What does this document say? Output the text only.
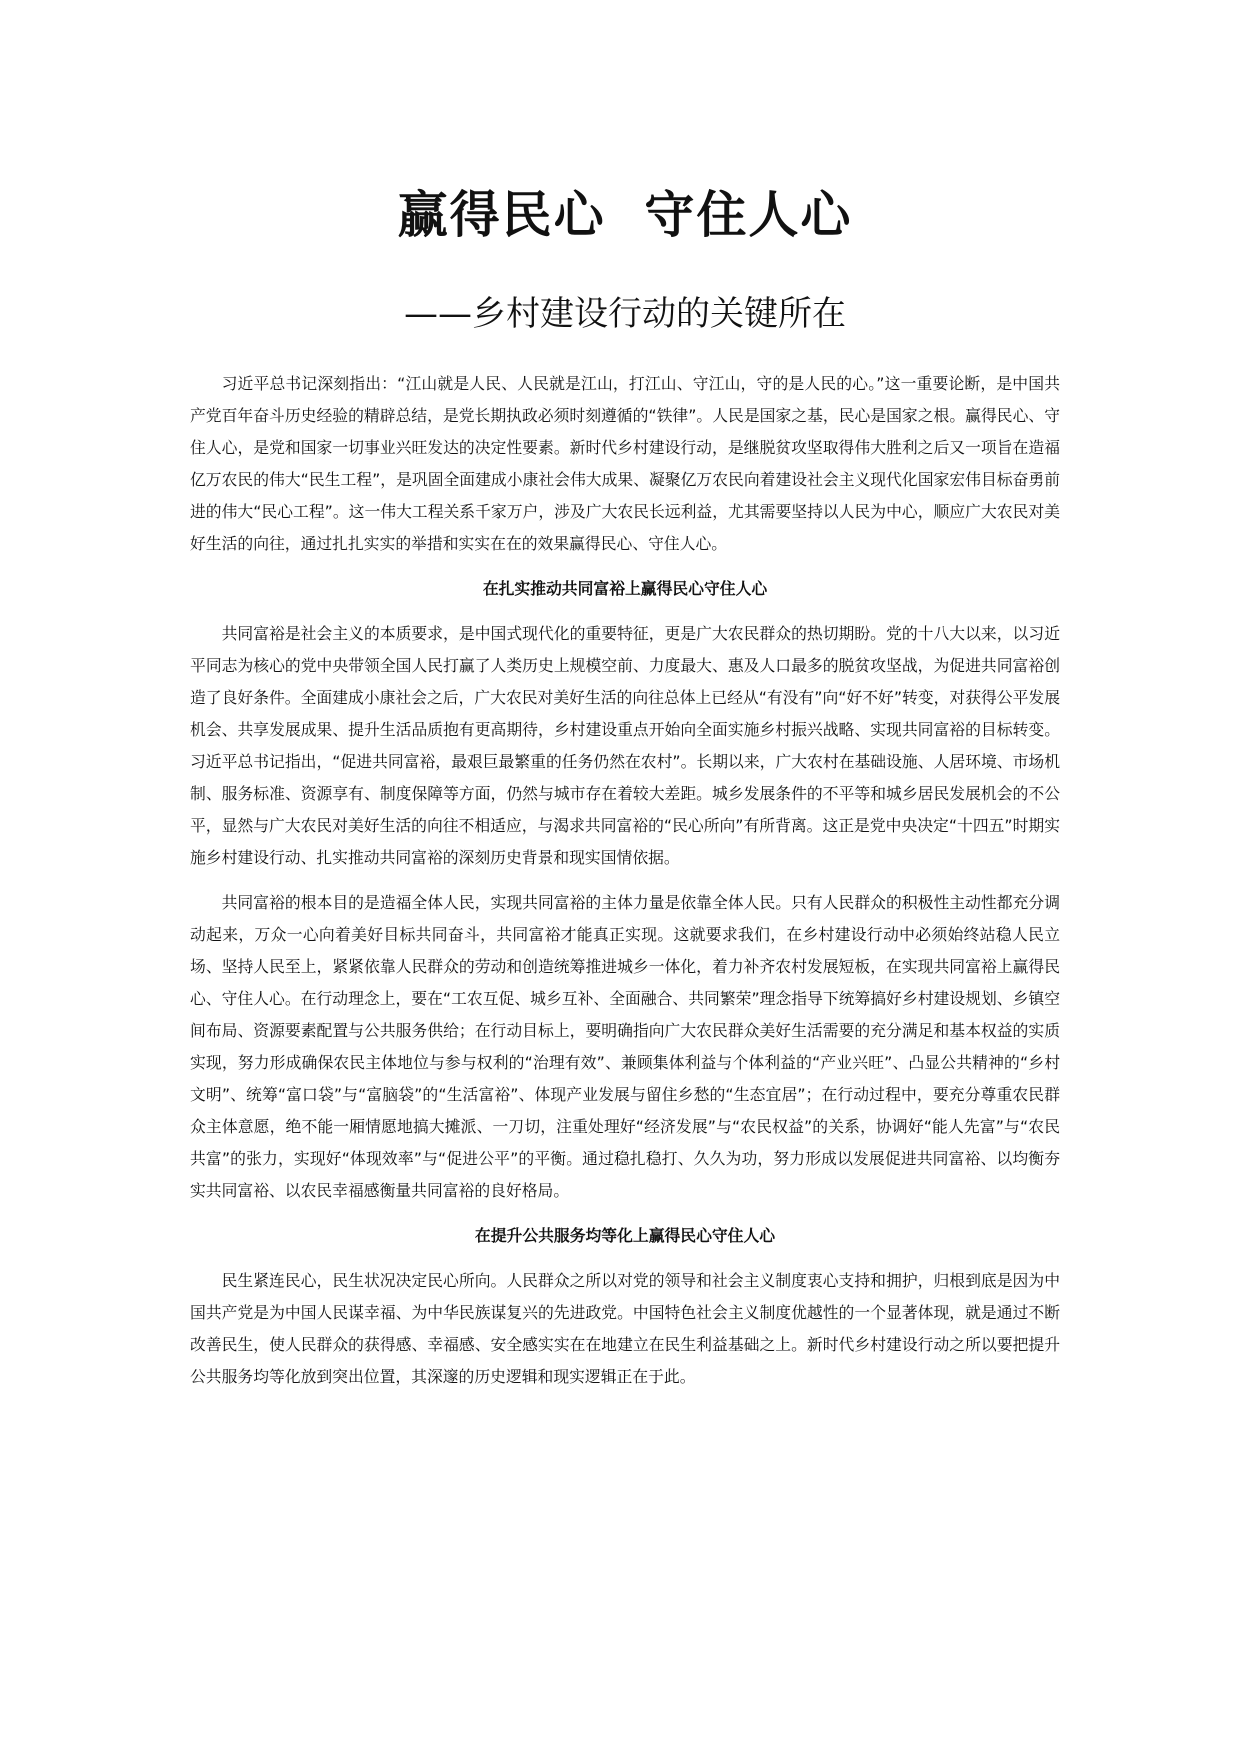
赢得民心  守住人心
——乡村建设行动的关键所在

习近平总书记深刻指出：“江山就是人民、人民就是江山，打江山、守江山，守的是人民的心。”这一重要论断，是中国共产党百年奋斗历史经验的精辟总结，是党长期执政必须时刻遵循的“铁律”。人民是国家之基，民心是国家之根。赢得民心、守住人心，是党和国家一切事业兴旺发达的决定性要素。新时代乡村建设行动，是继脱贫攻坚取得伟大胜利之后又一项旨在造福亿万农民的伟大“民生工程”，是巩固全面建成小康社会伟大成果、凝聚亿万农民向着建设社会主义现代化国家宏伟目标奋勇前进的伟大“民心工程”。这一伟大工程关系千家万户，涉及广大农民长远利益，尤其需要坚持以人民为中心，顺应广大农民对美好生活的向往，通过扎扎实实的举措和实实在在的效果赢得民心、守住人心。

在扎实推动共同富裕上赢得民心守住人心

共同富裕是社会主义的本质要求，是中国式现代化的重要特征，更是广大农民群众的热切期盼。党的十八大以来，以习近平同志为核心的党中央带领全国人民打赢了人类历史上规模空前、力度最大、惠及人口最多的脱贫攻坚战，为促进共同富裕创造了良好条件。全面建成小康社会之后，广大农民对美好生活的向往总体上已经从“有没有”向“好不好”转变，对获得公平发展机会、共享发展成果、提升生活品质抱有更高期待，乡村建设重点开始向全面实施乡村振兴战略、实现共同富裕的目标转变。习近平总书记指出，“促进共同富裕，最艰巨最繁重的任务仍然在农村”。长期以来，广大农村在基础设施、人居环境、市场机制、服务标准、资源享有、制度保障等方面，仍然与城市存在着较大差距。城乡发展条件的不平等和城乡居民发展机会的不公平，显然与广大农民对美好生活的向往不相适应，与渴求共同富裕的“民心所向”有所背离。这正是党中央决定“十四五”时期实施乡村建设行动、扎实推动共同富裕的深刻历史背景和现实国情依据。

共同富裕的根本目的是造福全体人民，实现共同富裕的主体力量是依靠全体人民。只有人民群众的积极性主动性都充分调动起来，万众一心向着美好目标共同奋斗，共同富裕才能真正实现。这就要求我们，在乡村建设行动中必须始终站稳人民立场、坚持人民至上，紧紧依靠人民群众的劳动和创造统筹推进城乡一体化，着力补齐农村发展短板，在实现共同富裕上赢得民心、守住人心。在行动理念上，要在“工农互促、城乡互补、全面融合、共同繁荣”理念指导下统筹搞好乡村建设规划、乡镇空间布局、资源要素配置与公共服务供给；在行动目标上，要明确指向广大农民群众美好生活需要的充分满足和基本权益的实质实现，努力形成确保农民主体地位与参与权利的“治理有效”、兼顾集体利益与个体利益的“产业兴旺”、凸显公共精神的“乡村文明”、统筹“富口袋”与“富脑袋”的“生活富裕”、体现产业发展与留住乡愁的“生态宜居”；在行动过程中，要充分尊重农民群众主体意愿，绝不能一厢情愿地搞大摊派、一刀切，注重处理好“经济发展”与“农民权益”的关系，协调好“能人先富”与“农民共富”的张力，实现好“体现效率”与“促进公平”的平衡。通过稳扎稳打、久久为功，努力形成以发展促进共同富裕、以均衡夯实共同富裕、以农民幸福感衡量共同富裕的良好格局。

在提升公共服务均等化上赢得民心守住人心

民生紧连民心，民生状况决定民心所向。人民群众之所以对党的领导和社会主义制度衷心支持和拥护，归根到底是因为中国共产党是为中国人民谋幸福、为中华民族谋复兴的先进政党。中国特色社会主义制度优越性的一个显著体现，就是通过不断改善民生，使人民群众的获得感、幸福感、安全感实实在在地建立在民生利益基础之上。新时代乡村建设行动之所以要把提升公共服务均等化放到突出位置，其深邃的历史逻辑和现实逻辑正在于此。
